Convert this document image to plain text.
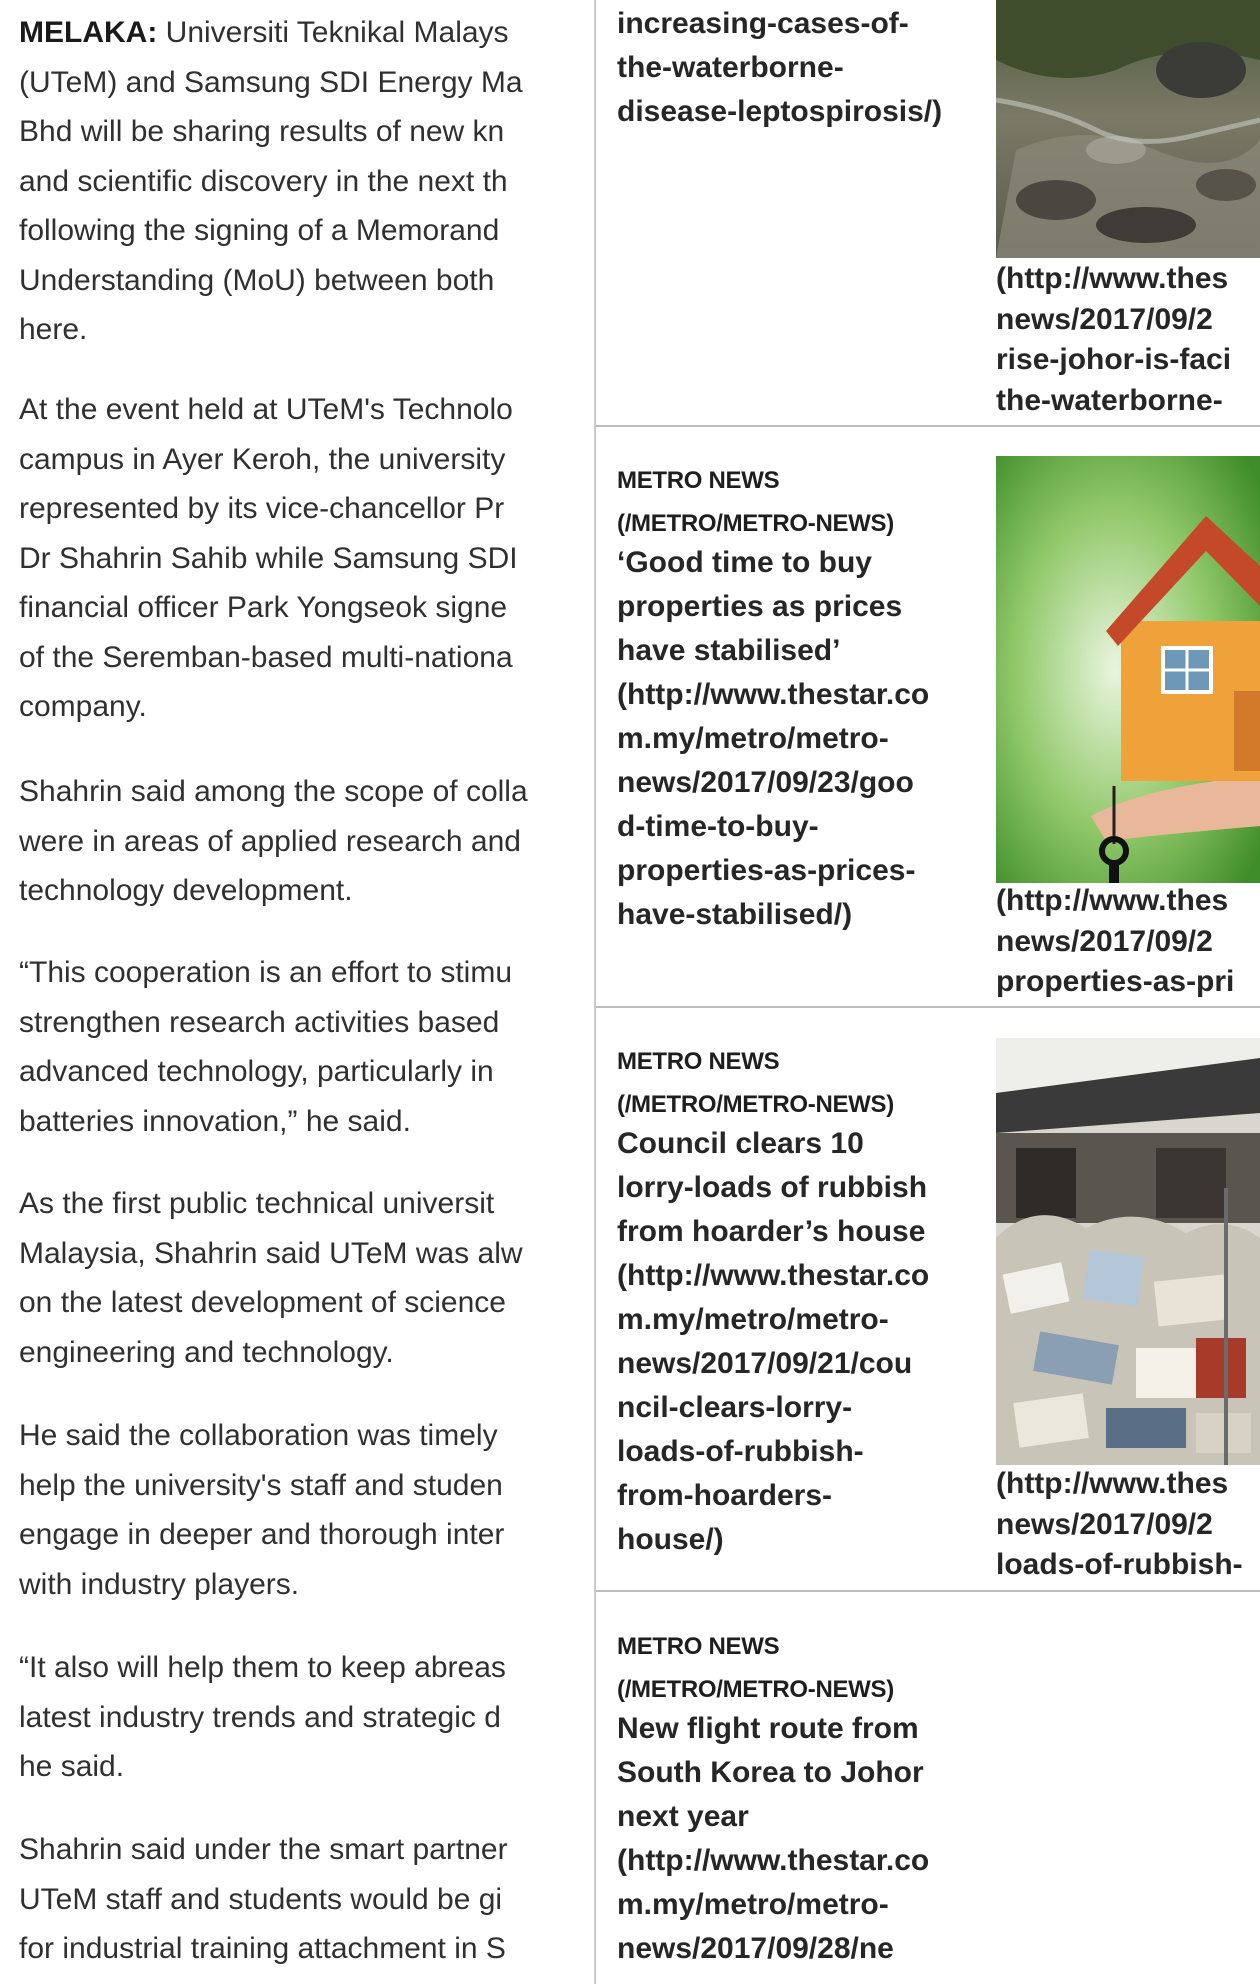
MELAKA: Universiti Teknikal Malays
(UTeM) and Samsung SDI Energy Ma
Bhd will be sharing results of new kn
and scientific discovery in the next th
following the signing of a Memorand
Understanding (MoU) between both
here.

At the event held at UTeM's Technolo
campus in Ayer Keroh, the university
represented by its vice-chancellor Pr
Dr Shahrin Sahib while Samsung SDI
financial officer Park Yongseok signe
of the Seremban-based multi-nationa
company.

Shahrin said among the scope of colla
were in areas of applied research and
technology development.

“This cooperation is an effort to stimu
strengthen research activities based
advanced technology, particularly in
batteries innovation,” he said.

As the first public technical universit
Malaysia, Shahrin said UTeM was alw
on the latest development of science
engineering and technology.

He said the collaboration was timely
help the university's staff and studen
engage in deeper and thorough inter
with industry players.

“It also will help them to keep abreas
latest industry trends and strategic d
he said.

Shahrin said under the smart partner
UTeM staff and students would be gi
for industrial training attachment in S

increasing-cases-of-
the-waterborne-
disease-leptospirosis/)
(http://www.thes
news/2017/09/2
rise-johor-is-faci
the-waterborne-
METRO NEWS
(/METRO/METRO-NEWS)
‘Good time to buy
properties as prices
have stabilised’
(http://www.thestar.co
m.my/metro/metro-
news/2017/09/23/goo
d-time-to-buy-
properties-as-prices-
have-stabilised/)	(http://www.thes
news/2017/09/2
properties-as-pri
METRO NEWS
(/METRO/METRO-NEWS)
Council clears 10
lorry-loads of rubbish
from hoarder’s house
(http://www.thestar.co
m.my/metro/metro-
news/2017/09/21/cou
ncil-clears-lorry-
loads-of-rubbish-
from-hoarders-
house/)
(http://www.thes
news/2017/09/2
loads-of-rubbish-
METRO NEWS
(/METRO/METRO-NEWS)
New flight route from
South Korea to Johor
next year
(http://www.thestar.co
m.my/metro/metro-
news/2017/09/28/ne
